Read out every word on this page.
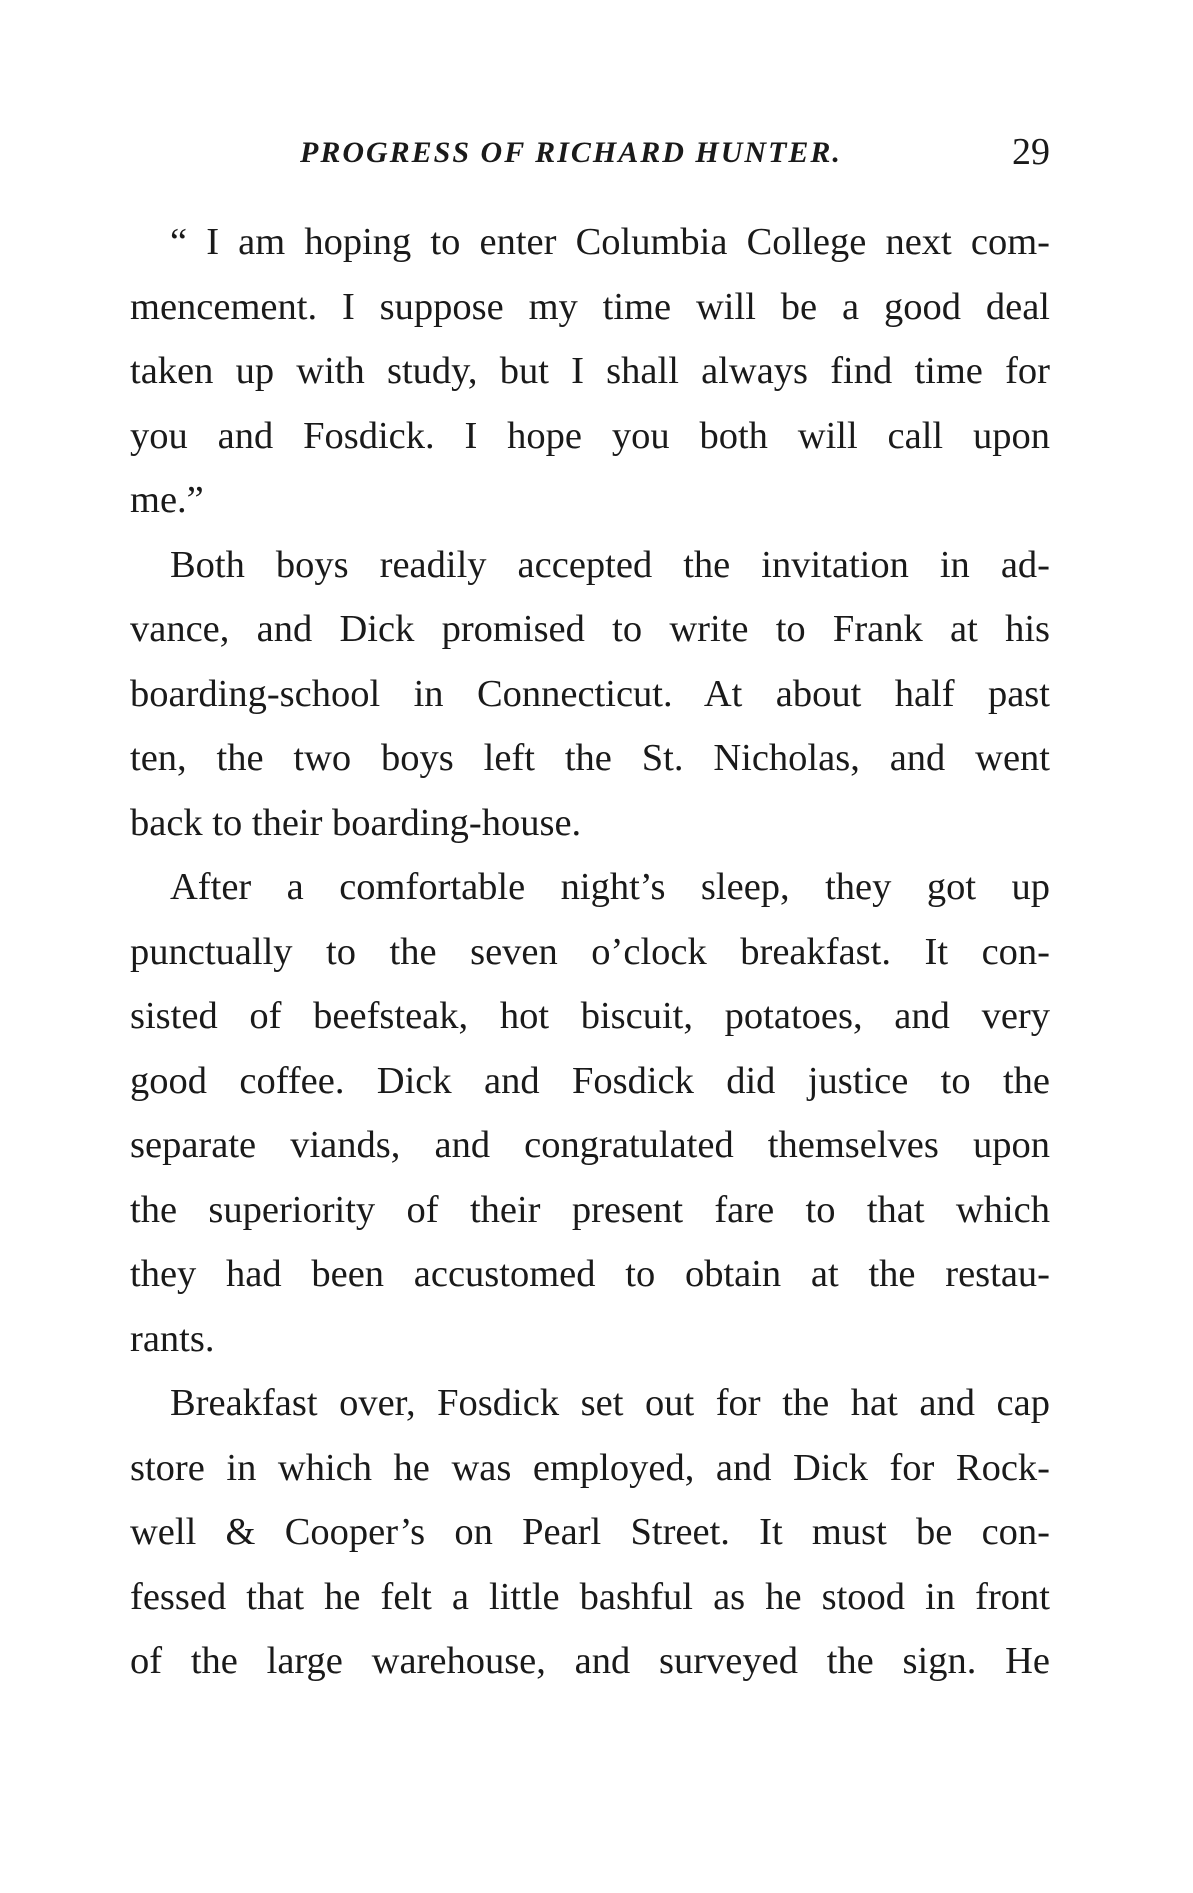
PROGRESS OF RICHARD HUNTER.	29
“ I am hoping to enter Columbia College next com-
mencement. I suppose my time will be a good deal
taken up with study, but I shall always find time for
you and Fosdick. I hope you both will call upon
me.”
Both boys readily accepted the invitation in ad-
vance, and Dick promised to write to Frank at his
boarding-school in Connecticut. At about half past
ten, the two boys left the St. Nicholas, and went
back to their boarding-house.
After a comfortable night’s sleep, they got up
punctually to the seven o’clock breakfast. It con-
sisted of beefsteak, hot biscuit, potatoes, and very
good coffee. Dick and Fosdick did justice to the
separate viands, and congratulated themselves upon
the superiority of their present fare to that which
they had been accustomed to obtain at the restau-
rants.
Breakfast over, Fosdick set out for the hat and cap
store in which he was employed, and Dick for Rock-
well & Cooper’s on Pearl Street. It must be con-
fessed that he felt a little bashful as he stood in front
of the large warehouse, and surveyed the sign. He
